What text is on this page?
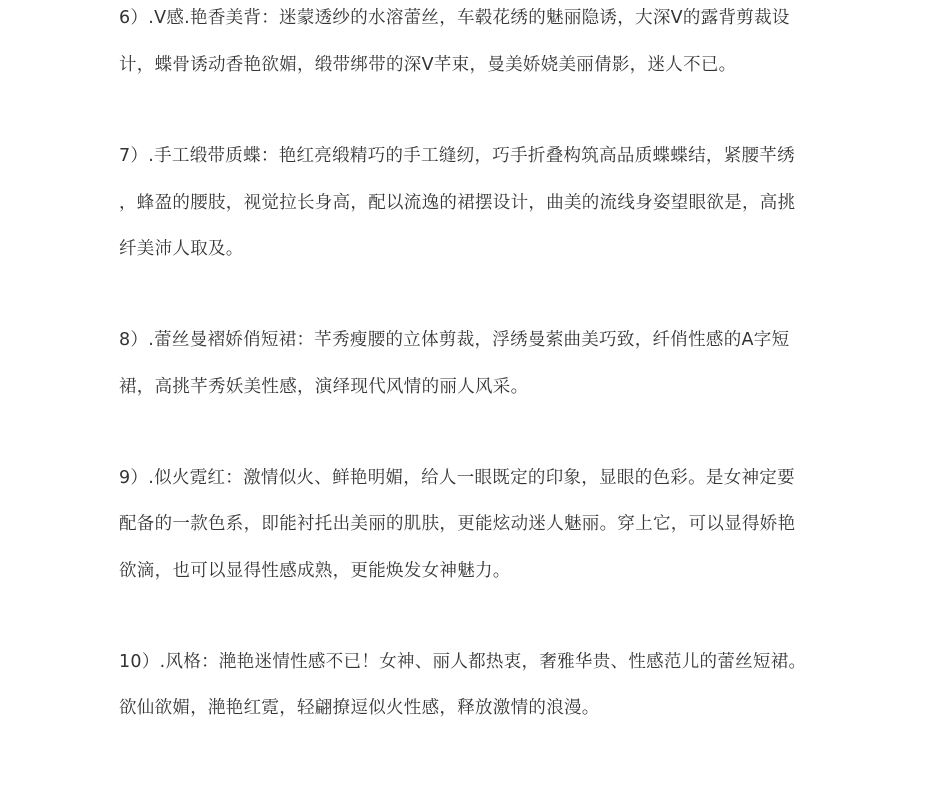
6）.V感.艳香美背：迷蒙透纱的水溶蕾丝，车毂花绣的魅丽隐诱，大深V的露背剪裁设
计，蝶骨诱动香艳欲媚，缎带绑带的深V芊束，曼美娇娆美丽倩影，迷人不已。
7）.手工缎带质蝶：艳红亮缎精巧的手工缝纫，巧手折叠构筑高品质蝶蝶结，紧腰芊绣
，蜂盈的腰肢，视觉拉长身高，配以流逸的裙摆设计，曲美的流线身姿望眼欲是，高挑
纤美沛人取及。
8）.蕾丝曼褶娇俏短裙：芊秀瘦腰的立体剪裁，浮绣曼萦曲美巧致，纤俏性感的A字短
裙，高挑芊秀妖美性感，演绎现代风情的丽人风采。
9）.似火霓红：激情似火、鲜艳明媚，给人一眼既定的印象，显眼的色彩。是女神定要
配备的一款色系，即能衬托出美丽的肌肤，更能炫动迷人魅丽。穿上它，可以显得娇艳
欲滴，也可以显得性感成熟，更能焕发女神魅力。
10）.风格：滟艳迷情性感不已！女神、丽人都热衷，奢雅华贵、性感范儿的蕾丝短裙。
欲仙欲媚，滟艳红霓，轻翩撩逗似火性感，释放激情的浪漫。
